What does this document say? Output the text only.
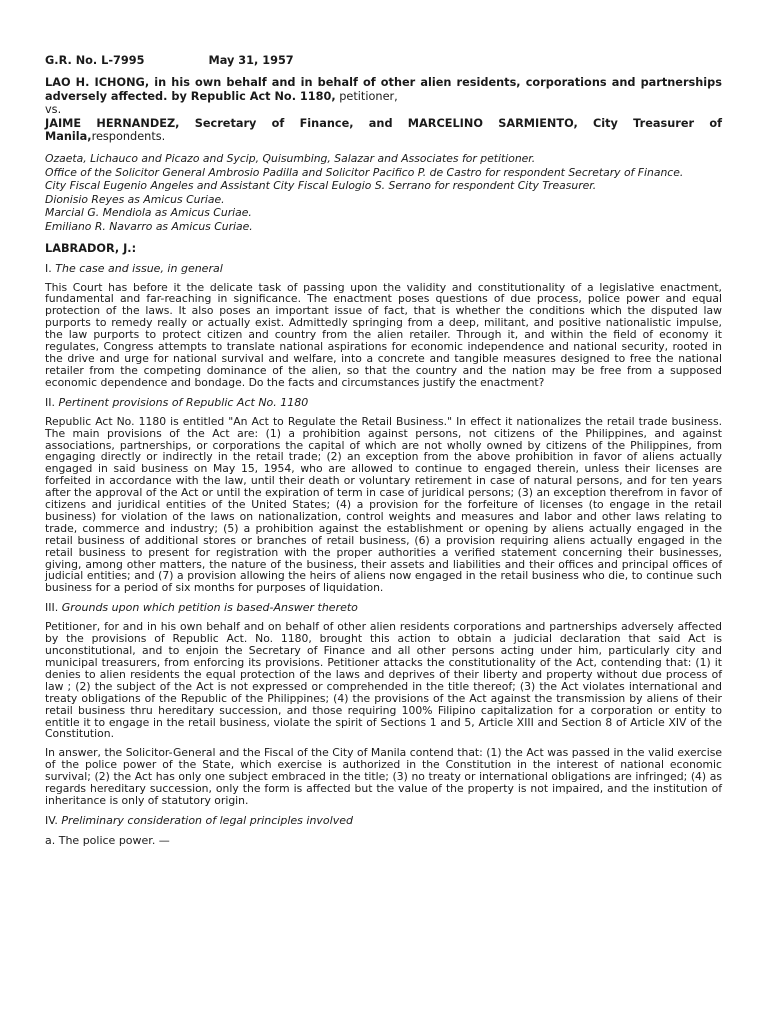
G.R. No. L-7995	May 31, 1957
LAO H. ICHONG, in his own behalf and in behalf of other alien residents, corporations and partnerships adversely affected. by Republic Act No. 1180, petitioner,
vs.
JAIME HERNANDEZ, Secretary of Finance, and MARCELINO SARMIENTO, City Treasurer of Manila,respondents.
Ozaeta, Lichauco and Picazo and Sycip, Quisumbing, Salazar and Associates for petitioner.
Office of the Solicitor General Ambrosio Padilla and Solicitor Pacifico P. de Castro for respondent Secretary of Finance.
City Fiscal Eugenio Angeles and Assistant City Fiscal Eulogio S. Serrano for respondent City Treasurer.
Dionisio Reyes as Amicus Curiae.
Marcial G. Mendiola as Amicus Curiae.
Emiliano R. Navarro as Amicus Curiae.
LABRADOR, J.:
I. The case and issue, in general

This Court has before it the delicate task of passing upon the validity and constitutionality of a legislative enactment, fundamental and far-reaching in significance. The enactment poses questions of due process, police power and equal protection of the laws. It also poses an important issue of fact, that is whether the conditions which the disputed law purports to remedy really or actually exist. Admittedly springing from a deep, militant, and positive nationalistic impulse, the law purports to protect citizen and country from the alien retailer. Through it, and within the field of economy it regulates, Congress attempts to translate national aspirations for economic independence and national security, rooted in the drive and urge for national survival and welfare, into a concrete and tangible measures designed to free the national retailer from the competing dominance of the alien, so that the country and the nation may be free from a supposed economic dependence and bondage. Do the facts and circumstances justify the enactment?

II. Pertinent provisions of Republic Act No. 1180

Republic Act No. 1180 is entitled "An Act to Regulate the Retail Business." In effect it nationalizes the retail trade business. The main provisions of the Act are: (1) a prohibition against persons, not citizens of the Philippines, and against associations, partnerships, or corporations the capital of which are not wholly owned by citizens of the Philippines, from engaging directly or indirectly in the retail trade; (2) an exception from the above prohibition in favor of aliens actually engaged in said business on May 15, 1954, who are allowed to continue to engaged therein, unless their licenses are forfeited in accordance with the law, until their death or voluntary retirement in case of natural persons, and for ten years after the approval of the Act or until the expiration of term in case of juridical persons; (3) an exception therefrom in favor of citizens and juridical entities of the United States; (4) a provision for the forfeiture of licenses (to engage in the retail business) for violation of the laws on nationalization, control weights and measures and labor and other laws relating to trade, commerce and industry; (5) a prohibition against the establishment or opening by aliens actually engaged in the retail business of additional stores or branches of retail business, (6) a provision requiring aliens actually engaged in the retail business to present for registration with the proper authorities a verified statement concerning their businesses, giving, among other matters, the nature of the business, their assets and liabilities and their offices and principal offices of judicial entities; and (7) a provision allowing the heirs of aliens now engaged in the retail business who die, to continue such business for a period of six months for purposes of liquidation.

III. Grounds upon which petition is based-Answer thereto

Petitioner, for and in his own behalf and on behalf of other alien residents corporations and partnerships adversely affected by the provisions of Republic Act. No. 1180, brought this action to obtain a judicial declaration that said Act is unconstitutional, and to enjoin the Secretary of Finance and all other persons acting under him, particularly city and municipal treasurers, from enforcing its provisions. Petitioner attacks the constitutionality of the Act, contending that: (1) it denies to alien residents the equal protection of the laws and deprives of their liberty and property without due process of law ; (2) the subject of the Act is not expressed or comprehended in the title thereof; (3) the Act violates international and treaty obligations of the Republic of the Philippines; (4) the provisions of the Act against the transmission by aliens of their retail business thru hereditary succession, and those requiring 100% Filipino capitalization for a corporation or entity to entitle it to engage in the retail business, violate the spirit of Sections 1 and 5, Article XIII and Section 8 of Article XIV of the Constitution.

In answer, the Solicitor-General and the Fiscal of the City of Manila contend that: (1) the Act was passed in the valid exercise of the police power of the State, which exercise is authorized in the Constitution in the interest of national economic survival; (2) the Act has only one subject embraced in the title; (3) no treaty or international obligations are infringed; (4) as regards hereditary succession, only the form is affected but the value of the property is not impaired, and the institution of inheritance is only of statutory origin.

IV. Preliminary consideration of legal principles involved
a. The police power. —
